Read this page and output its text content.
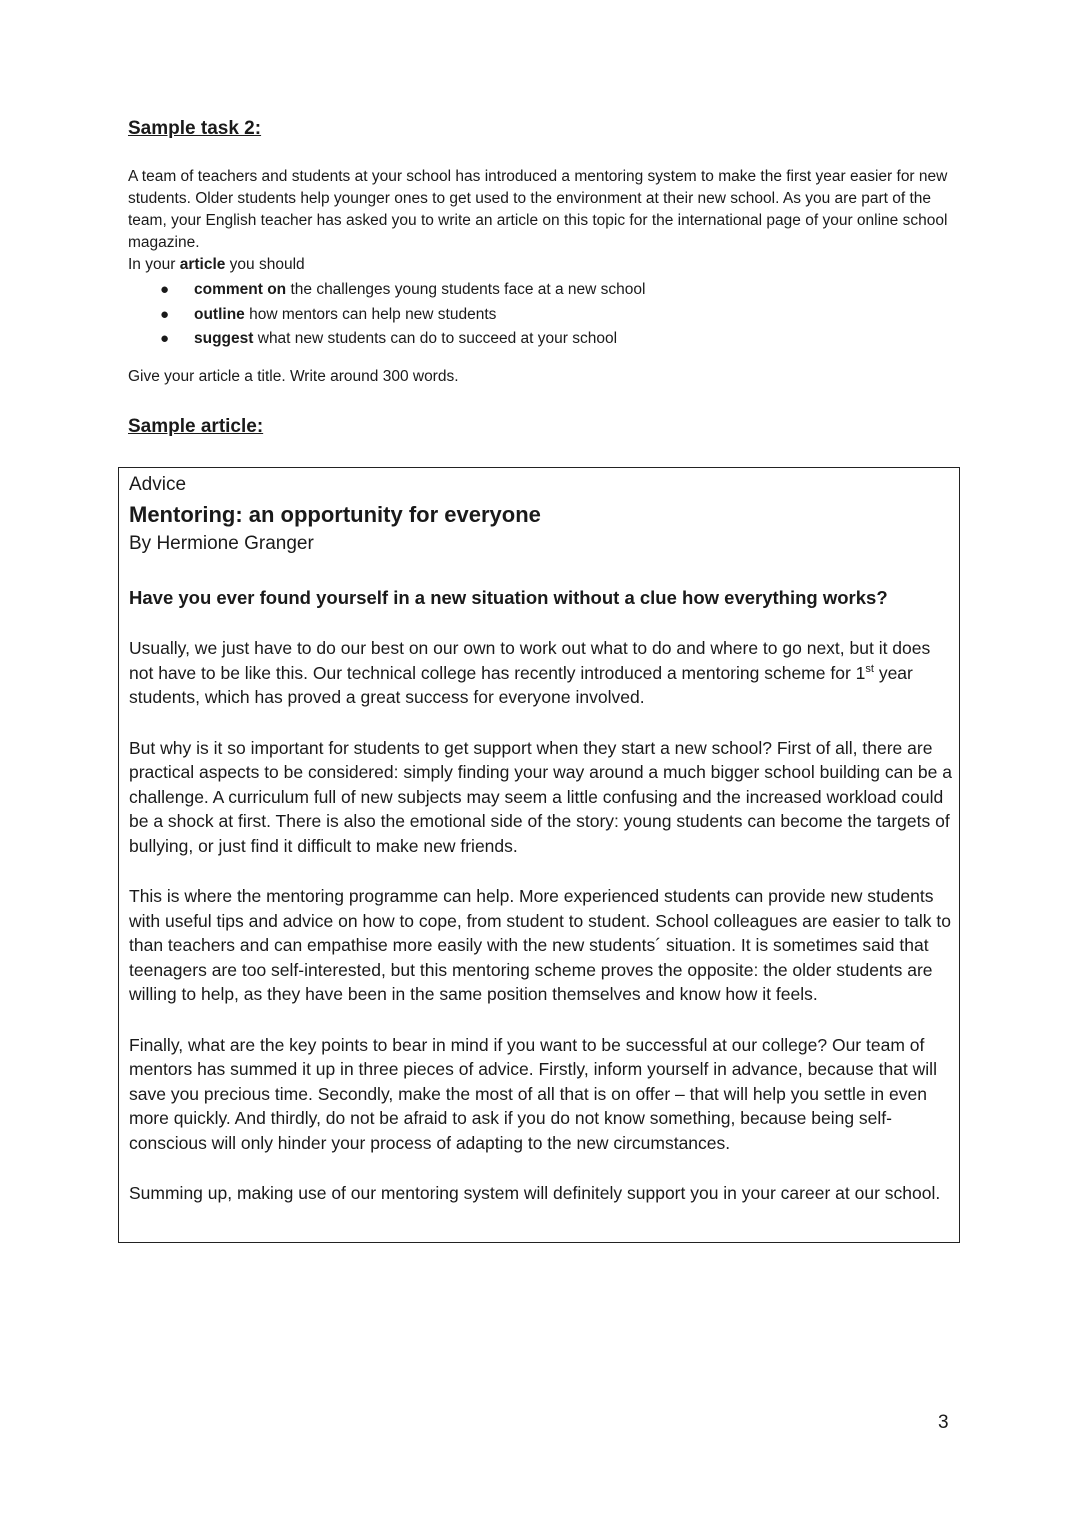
Sample task 2:

A team of teachers and students at your school has introduced a mentoring system to make the first year easier for new students. Older students help younger ones to get used to the environment at their new school. As you are part of the team, your English teacher has asked you to write an article on this topic for the international page of your online school magazine.
In your article you should

● comment on the challenges young students face at a new school
● outline how mentors can help new students
● suggest what new students can do to succeed at your school

Give your article a title. Write around 300 words.

Sample article:

Advice

Mentoring: an opportunity for everyone

By Hermione Granger

Have you ever found yourself in a new situation without a clue how everything works?

Usually, we just have to do our best on our own to work out what to do and where to go next, but it does not have to be like this. Our technical college has recently introduced a mentoring scheme for 1st year students, which has proved a great success for everyone involved.

But why is it so important for students to get support when they start a new school? First of all, there are practical aspects to be considered: simply finding your way around a much bigger school building can be a challenge. A curriculum full of new subjects may seem a little confusing and the increased workload could be a shock at first. There is also the emotional side of the story: young students can become the targets of bullying, or just find it difficult to make new friends.

This is where the mentoring programme can help. More experienced students can provide new students with useful tips and advice on how to cope, from student to student. School colleagues are easier to talk to than teachers and can empathise more easily with the new students´ situation. It is sometimes said that teenagers are too self-interested, but this mentoring scheme proves the opposite: the older students are willing to help, as they have been in the same position themselves and know how it feels.

Finally, what are the key points to bear in mind if you want to be successful at our college? Our team of mentors has summed it up in three pieces of advice. Firstly, inform yourself in advance, because that will save you precious time. Secondly, make the most of all that is on offer – that will help you settle in even more quickly. And thirdly, do not be afraid to ask if you do not know something, because being self-conscious will only hinder your process of adapting to the new circumstances.

Summing up, making use of our mentoring system will definitely support you in your career at our school.

3
